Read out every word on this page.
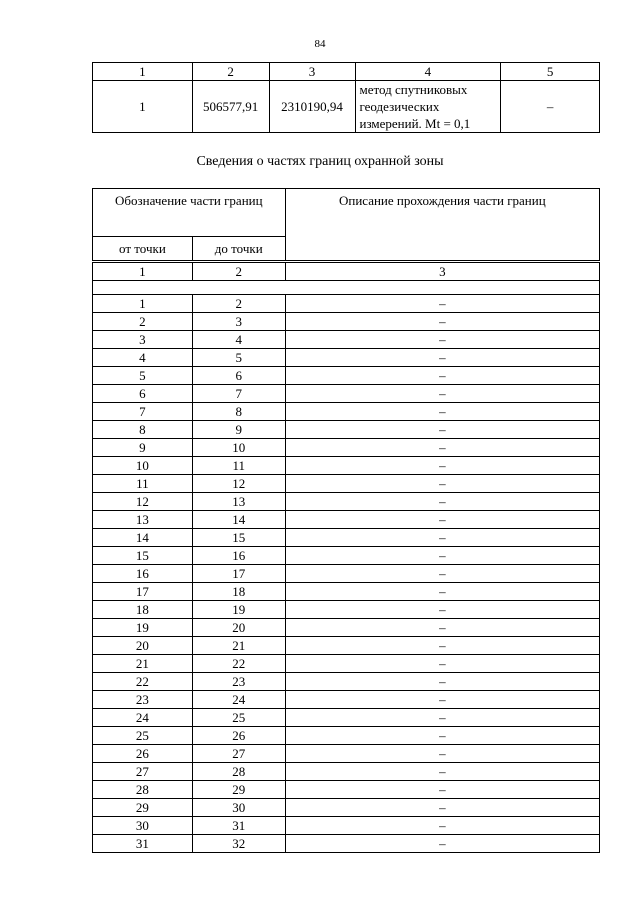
84
1	2	3	4	5
1	506577,91	2310190,94	метод спутниковых
геодезических
измерений. Mt = 0,1	–
Сведения о частях границ охранной зоны
Обозначение части границ		Описание прохождения части границ
от точки	до точки	
1	2	3

1	2	–
2	3	–
3	4	–
4	5	–
5	6	–
6	7	–
7	8	–
8	9	–
9	10	–
10	11	–
11	12	–
12	13	–
13	14	–
14	15	–
15	16	–
16	17	–
17	18	–
18	19	–
19	20	–
20	21	–
21	22	–
22	23	–
23	24	–
24	25	–
25	26	–
26	27	–
27	28	–
28	29	–
29	30	–
30	31	–
31	32	–
